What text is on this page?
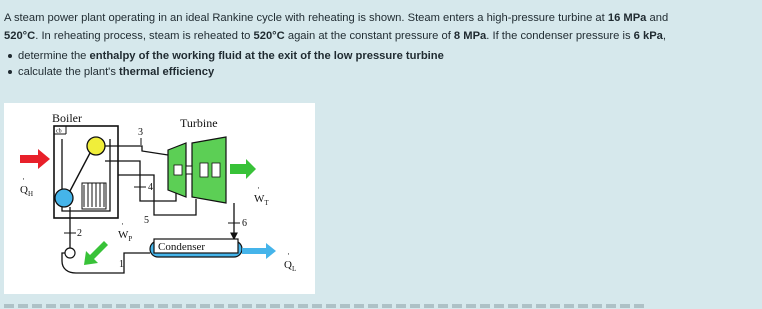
A steam power plant operating in an ideal Rankine cycle with reheating is shown. Steam enters a high-pressure turbine at 16 MPa and
520°C. In reheating process, steam is reheated to 520°C again at the constant pressure of 8 MPa. If the condenser pressure is 6 kPa,
determine the enthalpy of the working fluid at the exit of the low pressure turbine
calculate the plant's thermal efficiency
cb
Boiler
$Q_H$
·
Turbine
$W_T$
·
3
4
5	6
Condenser
$Q_L$
·
1
2	$W_P$
·
